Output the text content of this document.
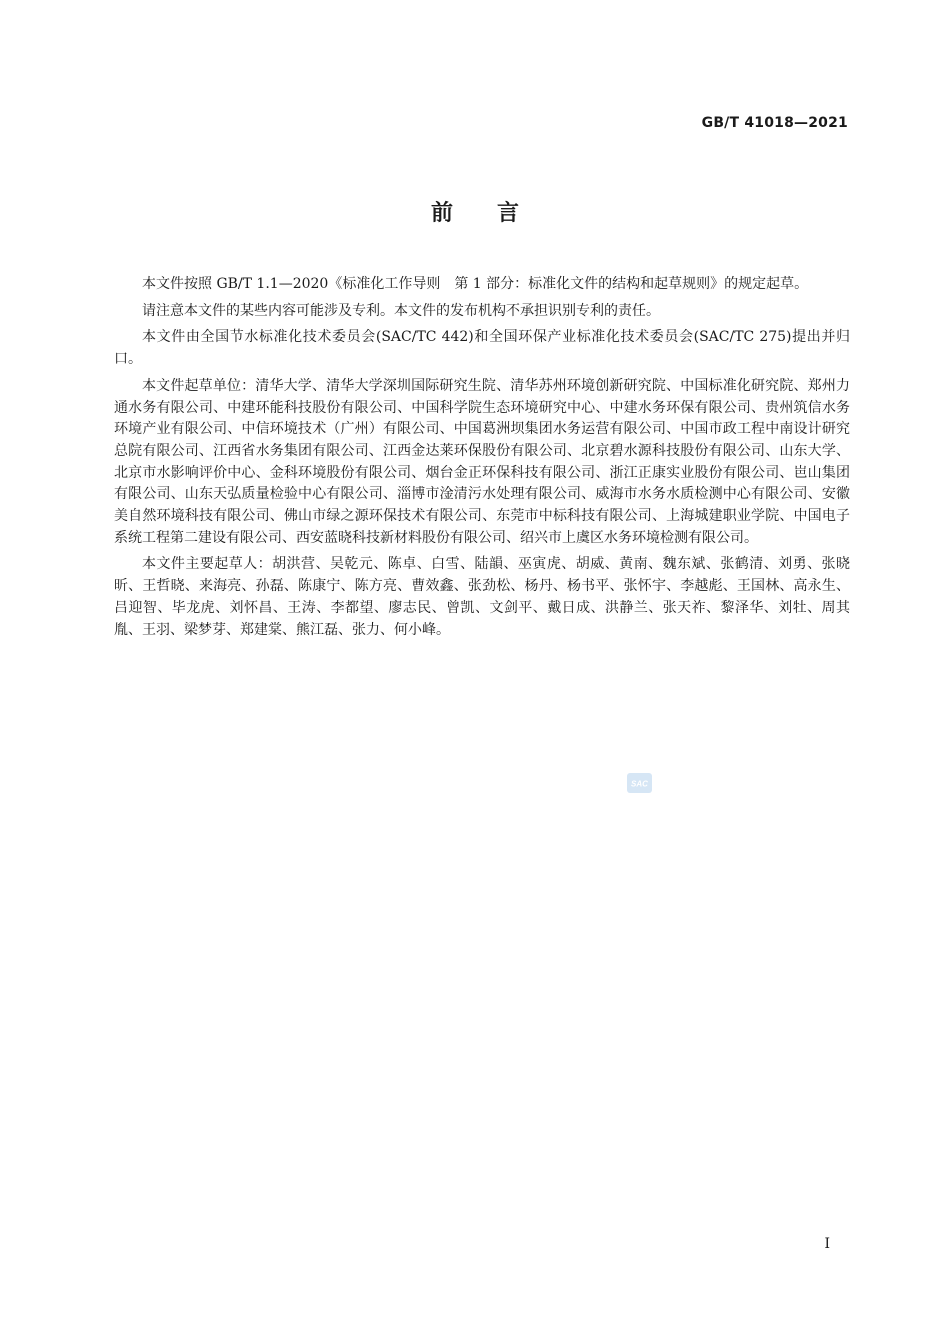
GB/T 41018—2021
前言

本文件按照 GB/T 1.1—2020《标准化工作导则　第 1 部分：标准化文件的结构和起草规则》的规定起草。

请注意本文件的某些内容可能涉及专利。本文件的发布机构不承担识别专利的责任。

本文件由全国节水标准化技术委员会(SAC/TC 442)和全国环保产业标准化技术委员会(SAC/TC 275)提出并归口。

本文件起草单位：清华大学、清华大学深圳国际研究生院、清华苏州环境创新研究院、中国标准化研究院、郑州力通水务有限公司、中建环能科技股份有限公司、中国科学院生态环境研究中心、中建水务环保有限公司、贵州筑信水务环境产业有限公司、中信环境技术（广州）有限公司、中国葛洲坝集团水务运营有限公司、中国市政工程中南设计研究总院有限公司、江西省水务集团有限公司、江西金达莱环保股份有限公司、北京碧水源科技股份有限公司、山东大学、北京市水影响评价中心、金科环境股份有限公司、烟台金正环保科技有限公司、浙江正康实业股份有限公司、岜山集团有限公司、山东天弘质量检验中心有限公司、淄博市淦清污水处理有限公司、威海市水务水质检测中心有限公司、安徽美自然环境科技有限公司、佛山市绿之源环保技术有限公司、东莞市中标科技有限公司、上海城建职业学院、中国电子系统工程第二建设有限公司、西安蓝晓科技新材料股份有限公司、绍兴市上虞区水务环境检测有限公司。

本文件主要起草人：胡洪营、吴乾元、陈卓、白雪、陆韻、巫寅虎、胡威、黄南、魏东斌、张鹤清、刘勇、张晓昕、王哲晓、来海亮、孙磊、陈康宁、陈方亮、曹效鑫、张劲松、杨丹、杨书平、张怀宇、李越彪、王国林、高永生、吕迎智、毕龙虎、刘怀昌、王涛、李都望、廖志民、曾凯、文剑平、戴日成、洪静兰、张天祚、黎泽华、刘牡、周其胤、王羽、梁梦芽、郑建棠、熊江磊、张力、何小峰。

SAC
I
